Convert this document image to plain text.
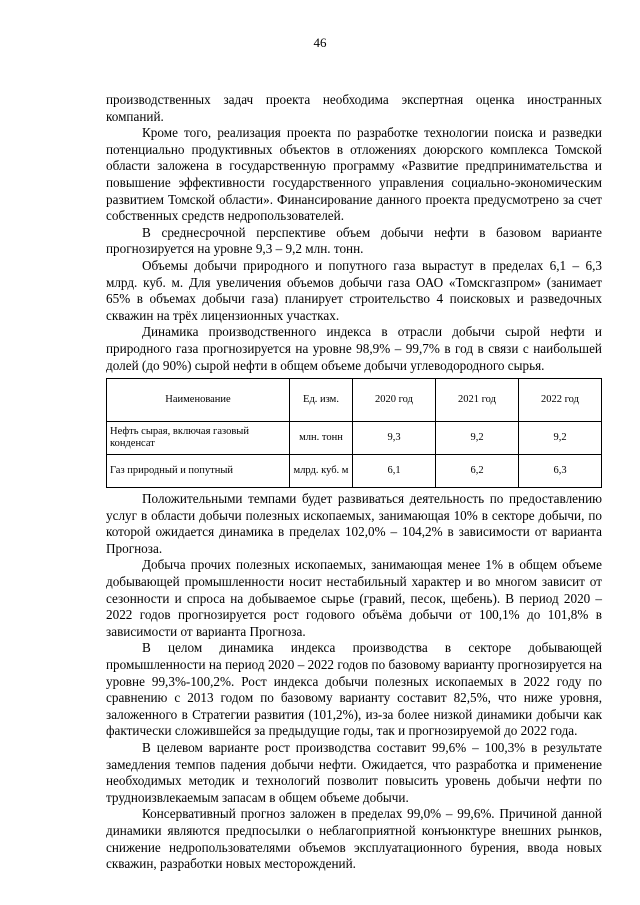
46

производственных задач проекта необходима экспертная оценка иностранных компаний.

Кроме того, реализация проекта по разработке технологии поиска и разведки потенциально продуктивных объектов в отложениях доюрского комплекса Томской области заложена в государственную программу «Развитие предпринимательства и повышение эффективности государственного управления социально-экономическим развитием Томской области». Финансирование данного проекта предусмотрено за счет собственных средств недропользователей.

В среднесрочной перспективе объем добычи нефти в базовом варианте прогнозируется на уровне 9,3 – 9,2 млн. тонн.

Объемы добычи природного и попутного газа вырастут в пределах 6,1 – 6,3 млрд. куб. м. Для увеличения объемов добычи газа ОАО «Томскгазпром» (занимает 65% в объемах добычи газа) планирует строительство 4 поисковых и разведочных скважин на трёх лицензионных участках.

Динамика производственного индекса в отрасли добычи сырой нефти и природного газа прогнозируется на уровне 98,9% – 99,7% в год в связи с наибольшей долей (до 90%) сырой нефти в общем объеме добычи углеводородного сырья.

Наименование	Ед. изм.	2020 год	2021 год	2022 год
Нефть сырая, включая газовый конденсат	млн. тонн	9,3	9,2	9,2
Газ природный и попутный	млрд. куб. м	6,1	6,2	6,3

Положительными темпами будет развиваться деятельность по предоставлению услуг в области добычи полезных ископаемых, занимающая 10% в секторе добычи, по которой ожидается динамика в пределах 102,0% – 104,2% в зависимости от варианта Прогноза.

Добыча прочих полезных ископаемых, занимающая менее 1% в общем объеме добывающей промышленности носит нестабильный характер и во многом зависит от сезонности и спроса на добываемое сырье (гравий, песок, щебень). В период 2020 – 2022 годов прогнозируется рост годового объёма добычи от 100,1% до 101,8% в зависимости от варианта Прогноза.

В целом динамика индекса производства в секторе добывающей промышленности на период 2020 – 2022 годов по базовому варианту прогнозируется на уровне 99,3%-100,2%. Рост индекса добычи полезных ископаемых в 2022 году по сравнению с 2013 годом по базовому варианту составит 82,5%, что ниже уровня, заложенного в Стратегии развития (101,2%), из-за более низкой динамики добычи как фактически сложившейся за предыдущие годы, так и прогнозируемой до 2022 года.

В целевом варианте рост производства составит 99,6% – 100,3% в результате замедления темпов падения добычи нефти. Ожидается, что разработка и применение необходимых методик и технологий позволит повысить уровень добычи нефти по трудноизвлекаемым запасам в общем объеме добычи.

Консервативный прогноз заложен в пределах 99,0% – 99,6%. Причиной данной динамики являются предпосылки о неблагоприятной конъюнктуре внешних рынков, снижение недропользователями объемов эксплуатационного бурения, ввода новых скважин, разработки новых месторождений.
